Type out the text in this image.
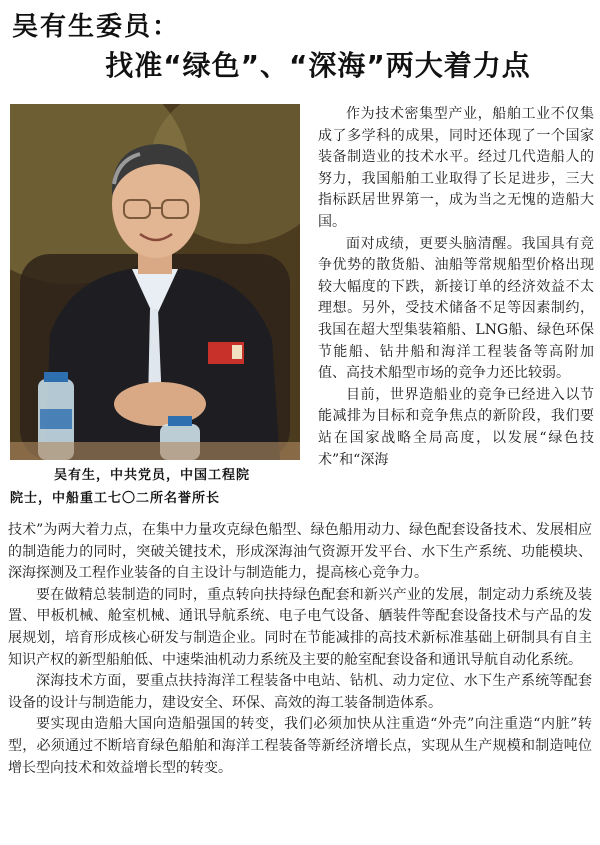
吴有生委员：
找准“绿色”、“深海”两大着力点
吴有生，中共党员，中国工程院
院士，中船重工七〇二所名誉所长

作为技术密集型产业，船舶工业不仅集成了多学科的成果，同时还体现了一个国家装备制造业的技术水平。经过几代造船人的努力，我国船舶工业取得了长足进步，三大指标跃居世界第一，成为当之无愧的造船大国。

面对成绩，更要头脑清醒。我国具有竞争优势的散货船、油船等常规船型价格出现较大幅度的下跌，新接订单的经济效益不太理想。另外，受技术储备不足等因素制约，我国在超大型集装箱船、LNG船、绿色环保节能船、钻井船和海洋工程装备等高附加值、高技术船型市场的竞争力还比较弱。

目前，世界造船业的竞争已经进入以节能减排为目标和竞争焦点的新阶段，我们要站在国家战略全局高度，以发展“绿色技术”和“深海

技术”为两大着力点，在集中力量攻克绿色船型、绿色船用动力、绿色配套设备技术、发展相应的制造能力的同时，突破关键技术，形成深海油气资源开发平台、水下生产系统、功能模块、深海探测及工程作业装备的自主设计与制造能力，提高核心竞争力。

要在做精总装制造的同时，重点转向扶持绿色配套和新兴产业的发展，制定动力系统及装置、甲板机械、舱室机械、通讯导航系统、电子电气设备、舾装件等配套设备技术与产品的发展规划，培育形成核心研发与制造企业。同时在节能减排的高技术新标准基础上研制具有自主知识产权的新型船舶低、中速柴油机动力系统及主要的舱室配套设备和通讯导航自动化系统。

深海技术方面，要重点扶持海洋工程装备中电站、钻机、动力定位、水下生产系统等配套设备的设计与制造能力，建设安全、环保、高效的海工装备制造体系。

要实现由造船大国向造船强国的转变，我们必须加快从注重造“外壳”向注重造“内脏”转型，必须通过不断培育绿色船舶和海洋工程装备等新经济增长点，实现从生产规模和制造吨位增长型向技术和效益增长型的转变。
